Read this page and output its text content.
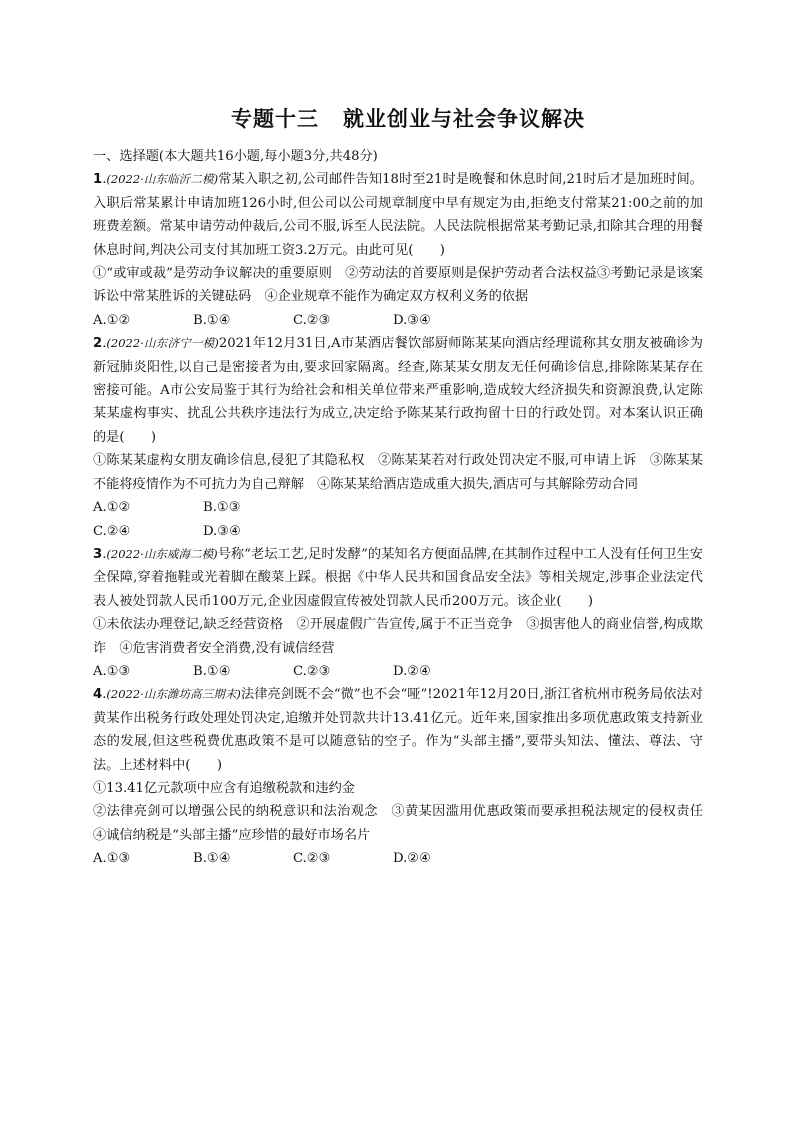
专题十三 就业创业与社会争议解决

一、选择题(本大题共16小题,每小题3分,共48分)

1.(2022·山东临沂二模)常某入职之初,公司邮件告知18时至21时是晚餐和休息时间,21时后才是加班时间。入职后常某累计申请加班126小时,但公司以公司规章制度中早有规定为由,拒绝支付常某21:00之前的加班费差额。常某申请劳动仲裁后,公司不服,诉至人民法院。人民法院根据常某考勤记录,扣除其合理的用餐休息时间,判决公司支付其加班工资3.2万元。由此可见(　　)

①“或审或裁”是劳动争议解决的重要原则　②劳动法的首要原则是保护劳动者合法权益③考勤记录是该案诉讼中常某胜诉的关键砝码　④企业规章不能作为确定双方权利义务的依据

A.①②	B.①④	C.②③	D.③④

2.(2022·山东济宁一模)2021年12月31日,A市某酒店餐饮部厨师陈某某向酒店经理谎称其女朋友被确诊为新冠肺炎阳性,以自己是密接者为由,要求回家隔离。经查,陈某某女朋友无任何确诊信息,排除陈某某存在密接可能。A市公安局鉴于其行为给社会和相关单位带来严重影响,造成较大经济损失和资源浪费,认定陈某某虚构事实、扰乱公共秩序违法行为成立,决定给予陈某某行政拘留十日的行政处罚。对本案认识正确的是(　　)

①陈某某虚构女朋友确诊信息,侵犯了其隐私权　②陈某某若对行政处罚决定不服,可申请上诉　③陈某某不能将疫情作为不可抗力为自己辩解　④陈某某给酒店造成重大损失,酒店可与其解除劳动合同

A.①②	B.①③

C.②④	D.③④

3.(2022·山东威海二模)号称“老坛工艺,足时发酵”的某知名方便面品牌,在其制作过程中工人没有任何卫生安全保障,穿着拖鞋或光着脚在酸菜上踩。根据《中华人民共和国食品安全法》等相关规定,涉事企业法定代表人被处罚款人民币100万元,企业因虚假宣传被处罚款人民币200万元。该企业(　　)

①未依法办理登记,缺乏经营资格　②开展虚假广告宣传,属于不正当竞争　③损害他人的商业信誉,构成欺诈　④危害消费者安全消费,没有诚信经营

A.①③	B.①④	C.②③	D.②④

4.(2022·山东潍坊高三期末)法律亮剑既不会“微”也不会“哑”!2021年12月20日,浙江省杭州市税务局依法对黄某作出税务行政处理处罚决定,追缴并处罚款共计13.41亿元。近年来,国家推出多项优惠政策支持新业态的发展,但这些税费优惠政策不是可以随意钻的空子。作为“头部主播”,要带头知法、懂法、尊法、守法。上述材料中(　　)

①13.41亿元款项中应含有追缴税款和违约金

②法律亮剑可以增强公民的纳税意识和法治观念　③黄某因滥用优惠政策而要承担税法规定的侵权责任　④诚信纳税是“头部主播”应珍惜的最好市场名片

A.①③	B.①④	C.②③	D.②④
